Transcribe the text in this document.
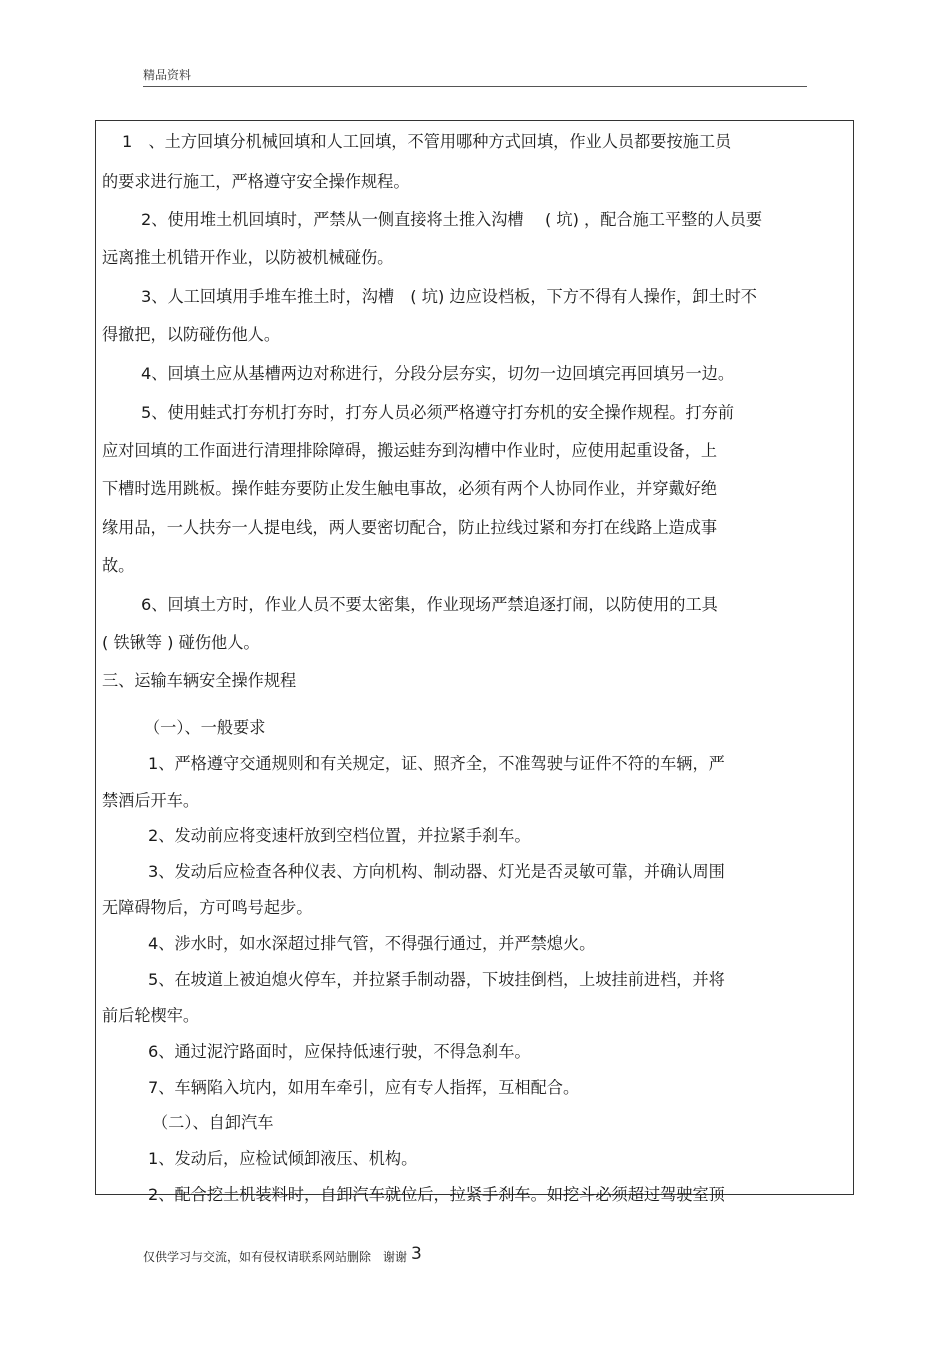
精品资料
1　、土方回填分机械回填和人工回填，不管用哪种方式回填，作业人员都要按施工员
的要求进行施工，严格遵守安全操作规程。
2、使用堆土机回填时，严禁从一侧直接将土推入沟槽　 ( 坑) ，配合施工平整的人员要
远离推土机错开作业，以防被机械碰伤。
3、人工回填用手堆车推土时，沟槽　( 坑) 边应设档板，下方不得有人操作，卸土时不
得撤把，以防碰伤他人。
4、回填土应从基槽两边对称进行，分段分层夯实，切勿一边回填完再回填另一边。
5、使用蛙式打夯机打夯时，打夯人员必须严格遵守打夯机的安全操作规程。打夯前
应对回填的工作面进行清理排除障碍，搬运蛙夯到沟槽中作业时，应使用起重设备，上
下槽时选用跳板。操作蛙夯要防止发生触电事故，必须有两个人协同作业，并穿戴好绝
缘用品，一人扶夯一人提电线，两人要密切配合，防止拉线过紧和夯打在线路上造成事
故。
6、回填土方时，作业人员不要太密集，作业现场严禁追逐打闹，以防使用的工具
( 铁锹等 ) 碰伤他人。
三、运输车辆安全操作规程
（一）、一般要求
1、严格遵守交通规则和有关规定，证、照齐全，不准驾驶与证件不符的车辆，严
禁酒后开车。
2、发动前应将变速杆放到空档位置，并拉紧手刹车。
3、发动后应检查各种仪表、方向机构、制动器、灯光是否灵敏可靠，并确认周围
无障碍物后，方可鸣号起步。
4、涉水时，如水深超过排气管，不得强行通过，并严禁熄火。
5、在坡道上被迫熄火停车，并拉紧手制动器，下坡挂倒档，上坡挂前进档，并将
前后轮楔牢。
6、通过泥泞路面时，应保持低速行驶，不得急刹车。
7、车辆陷入坑内，如用车牵引，应有专人指挥，互相配合。
（二）、自卸汽车
1、发动后，应检试倾卸液压、机构。
2、配合挖土机装料时，自卸汽车就位后，拉紧手刹车。如挖斗必须超过驾驶室顶
仅供学习与交流，如有侵权请联系网站删除　谢谢 3
